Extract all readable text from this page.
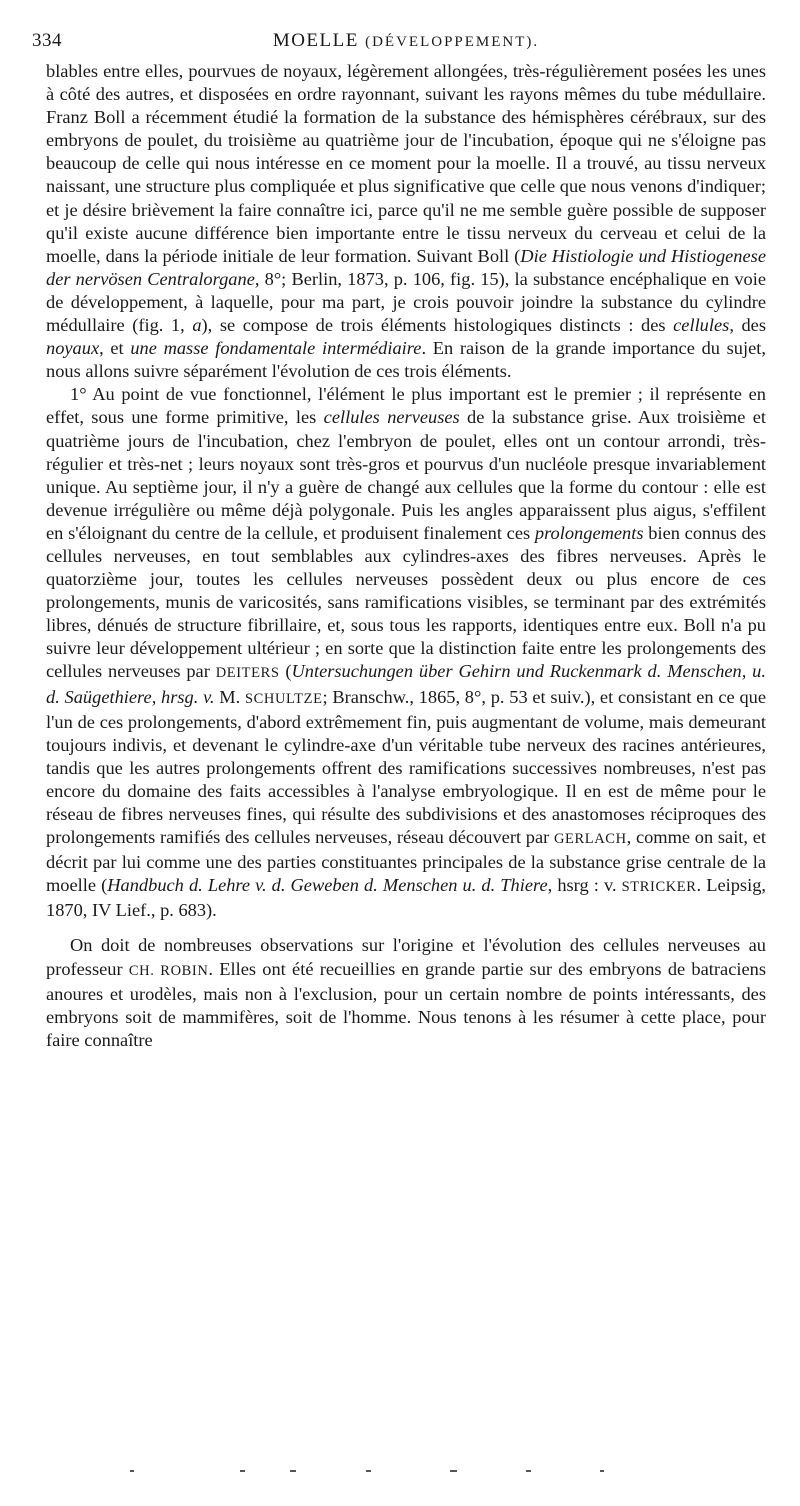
334	MOELLE (DÉVELOPPEMENT).

blables entre elles, pourvues de noyaux, légèrement allongées, très-régulièrement posées les unes à côté des autres, et disposées en ordre rayonnant, suivant les rayons mêmes du tube médullaire. Franz Boll a récemment étudié la formation de la substance des hémisphères cérébraux, sur des embryons de poulet, du troisième au quatrième jour de l'incubation, époque qui ne s'éloigne pas beaucoup de celle qui nous intéresse en ce moment pour la moelle. Il a trouvé, au tissu nerveux naissant, une structure plus compliquée et plus significative que celle que nous venons d'indiquer; et je désire brièvement la faire connaître ici, parce qu'il ne me semble guère possible de supposer qu'il existe aucune différence bien importante entre le tissu nerveux du cerveau et celui de la moelle, dans la période initiale de leur formation. Suivant Boll (Die Histiologie und Histiogenese der nervösen Centralorgane, 8°; Berlin, 1873, p. 106, fig. 15), la substance encéphalique en voie de développement, à laquelle, pour ma part, je crois pouvoir joindre la substance du cylindre médullaire (fig. 1, a), se compose de trois éléments histologiques distincts : des cellules, des noyaux, et une masse fondamentale intermédiaire. En raison de la grande importance du sujet, nous allons suivre séparément l'évolution de ces trois éléments.

1° Au point de vue fonctionnel, l'élément le plus important est le premier ; il représente en effet, sous une forme primitive, les cellules nerveuses de la substance grise. Aux troisième et quatrième jours de l'incubation, chez l'embryon de poulet, elles ont un contour arrondi, très-régulier et très-net ; leurs noyaux sont très-gros et pourvus d'un nucléole presque invariablement unique. Au septième jour, il n'y a guère de changé aux cellules que la forme du contour : elle est devenue irrégulière ou même déjà polygonale. Puis les angles apparaissent plus aigus, s'effilent en s'éloignant du centre de la cellule, et produisent finalement ces prolongements bien connus des cellules nerveuses, en tout semblables aux cylindres-axes des fibres nerveuses. Après le quatorzième jour, toutes les cellules nerveuses possèdent deux ou plus encore de ces prolongements, munis de varicosités, sans ramifications visibles, se terminant par des extrémités libres, dénués de structure fibrillaire, et, sous tous les rapports, identiques entre eux. Boll n'a pu suivre leur développement ultérieur ; en sorte que la distinction faite entre les prolongements des cellules nerveuses par DEITERS (Untersuchungen über Gehirn und Ruckenmark d. Menschen, u. d. Saügethiere, hrsg. v. M. SCHULTZE; Branschw., 1865, 8°, p. 53 et suiv.), et consistant en ce que l'un de ces prolongements, d'abord extrêmement fin, puis augmentant de volume, mais demeurant toujours indivis, et devenant le cylindre-axe d'un véritable tube nerveux des racines antérieures, tandis que les autres prolongements offrent des ramifications successives nombreuses, n'est pas encore du domaine des faits accessibles à l'analyse embryologique. Il en est de même pour le réseau de fibres nerveuses fines, qui résulte des subdivisions et des anastomoses réciproques des prolongements ramifiés des cellules nerveuses, réseau découvert par GERLACH, comme on sait, et décrit par lui comme une des parties constituantes principales de la substance grise centrale de la moelle (Handbuch d. Lehre v. d. Geweben d. Menschen u. d. Thiere, hsrg : v. STRICKER. Leipsig, 1870, IV Lief., p. 683).

On doit de nombreuses observations sur l'origine et l'évolution des cellules nerveuses au professeur CH. ROBIN. Elles ont été recueillies en grande partie sur des embryons de batraciens anoures et urodèles, mais non à l'exclusion, pour un certain nombre de points intéressants, des embryons soit de mammifères, soit de l'homme. Nous tenons à les résumer à cette place, pour faire connaître
